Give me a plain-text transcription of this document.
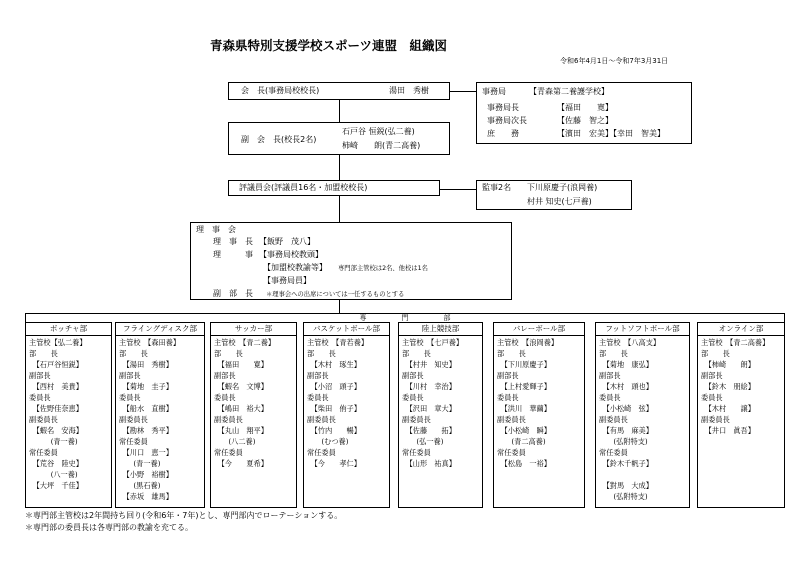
青森県特別支援学校スポーツ連盟　組織図
令和6年4月1日～令和7年3月31日
会　長(事務局校校長)	湯田　秀樹	事務局	【青森第二養護学校】
事務局長	【福田　　寛】
事務局次長	【佐藤　智之】
庶　　務	【濱田　宏美】【幸田　智美】
副　会　長(校長2名)
石戸谷 恒鋭(弘二養)
柿崎　　朗(青二高養)
評議員会(評議員16名・加盟校校長)	監事2名 下川原慶子(浪岡養)
村井 知史(七戸養)
理　事　会
理　事　長 【飯野　茂八】
理　　　事 【事務局校教頭】
【加盟校教諭等】 専門部主管校は2名、他校は1名
【事務局員】
副　部　長 ＊理事会への出席については一任するものとする
専　　　　　門　　　　　部
ボッチャ部
主管校【弘二養】
部　　長
　【石戸谷恒鋭】
副部長
　【西村　美貴】
委員長
　【佐野佳奈恵】
副委員長
　【蝦名　安海】
　　　(青一養)
常任委員
　【荒谷　陸史】
　　　(八一養)
　【大坪　千佳】
フライングディスク部
主管校　【森田養】
部　　長
　【湯田　秀樹】
副部長
　【菊地　圭子】
委員長
　【船水　直樹】
副委員長
　【勘林　秀平】
常任委員
　【川口　恵一】
　　(青一養)
　【小野　裕樹】
　　(黒石養)
　【赤坂　雄馬】
サッカー部
主管校　【青二養】
部　　長
　【福田　　寛】
副部長
　【蝦名　文博】
委員長
　【嶋田　裕大】
副委員長
　【丸山　翔平】
　　(八二養)
常任委員
　【今　　夏希】
バスケットボール部
主管校　【青若養】
部　　長
　【木村　琢生】
副部長
　【小沼　頭子】
委員長
　【柴田　侑子】
副委員長
　【竹内　　暢】
　　(むつ養)
常任委員
　【今　　孝仁】
陸上競技部
主管校　【七戸養】
部　　長
　【村井　知史】
副部長
　【川村　幸治】
委員長
　【沢田　章大】
副委員長
　【佐藤　　拓】
　　(弘一養)
常任委員
　【山形　祐真】
バレーボール部
主管校　【浪岡養】
部　　長
　【下川原慶子】
副部長
　【上村愛輝子】
委員長
　【洪川　華繭】
副委員長
　【小松崎　瞬】
　　(青二高養)
常任委員
　【松島　一裕】
フットソフトボール部
主管校　【八高支】
部　　長
　【菊地　康弘】
副部長
　【木村　頭也】
委員長
　【小松崎　弦】
副委員長
　【有馬　麻美】
　　(弘附特支)
常任委員
　【鈴木千帆子】
　【對馬　大成】
　　(弘附特支)
オンライン部
主管校　【青二高養】
部　　長
　【柿崎　　朗】
副部長
　【鈴木　朋絵】
委員長
　【木村　　譲】
副委員長
　【井口　眞吾】
＊専門部主管校は2年間持ち回り(令和6年・7年)とし、専門部内でローテーションする。
＊専門部の委員長は各専門部の教諭を充てる。
